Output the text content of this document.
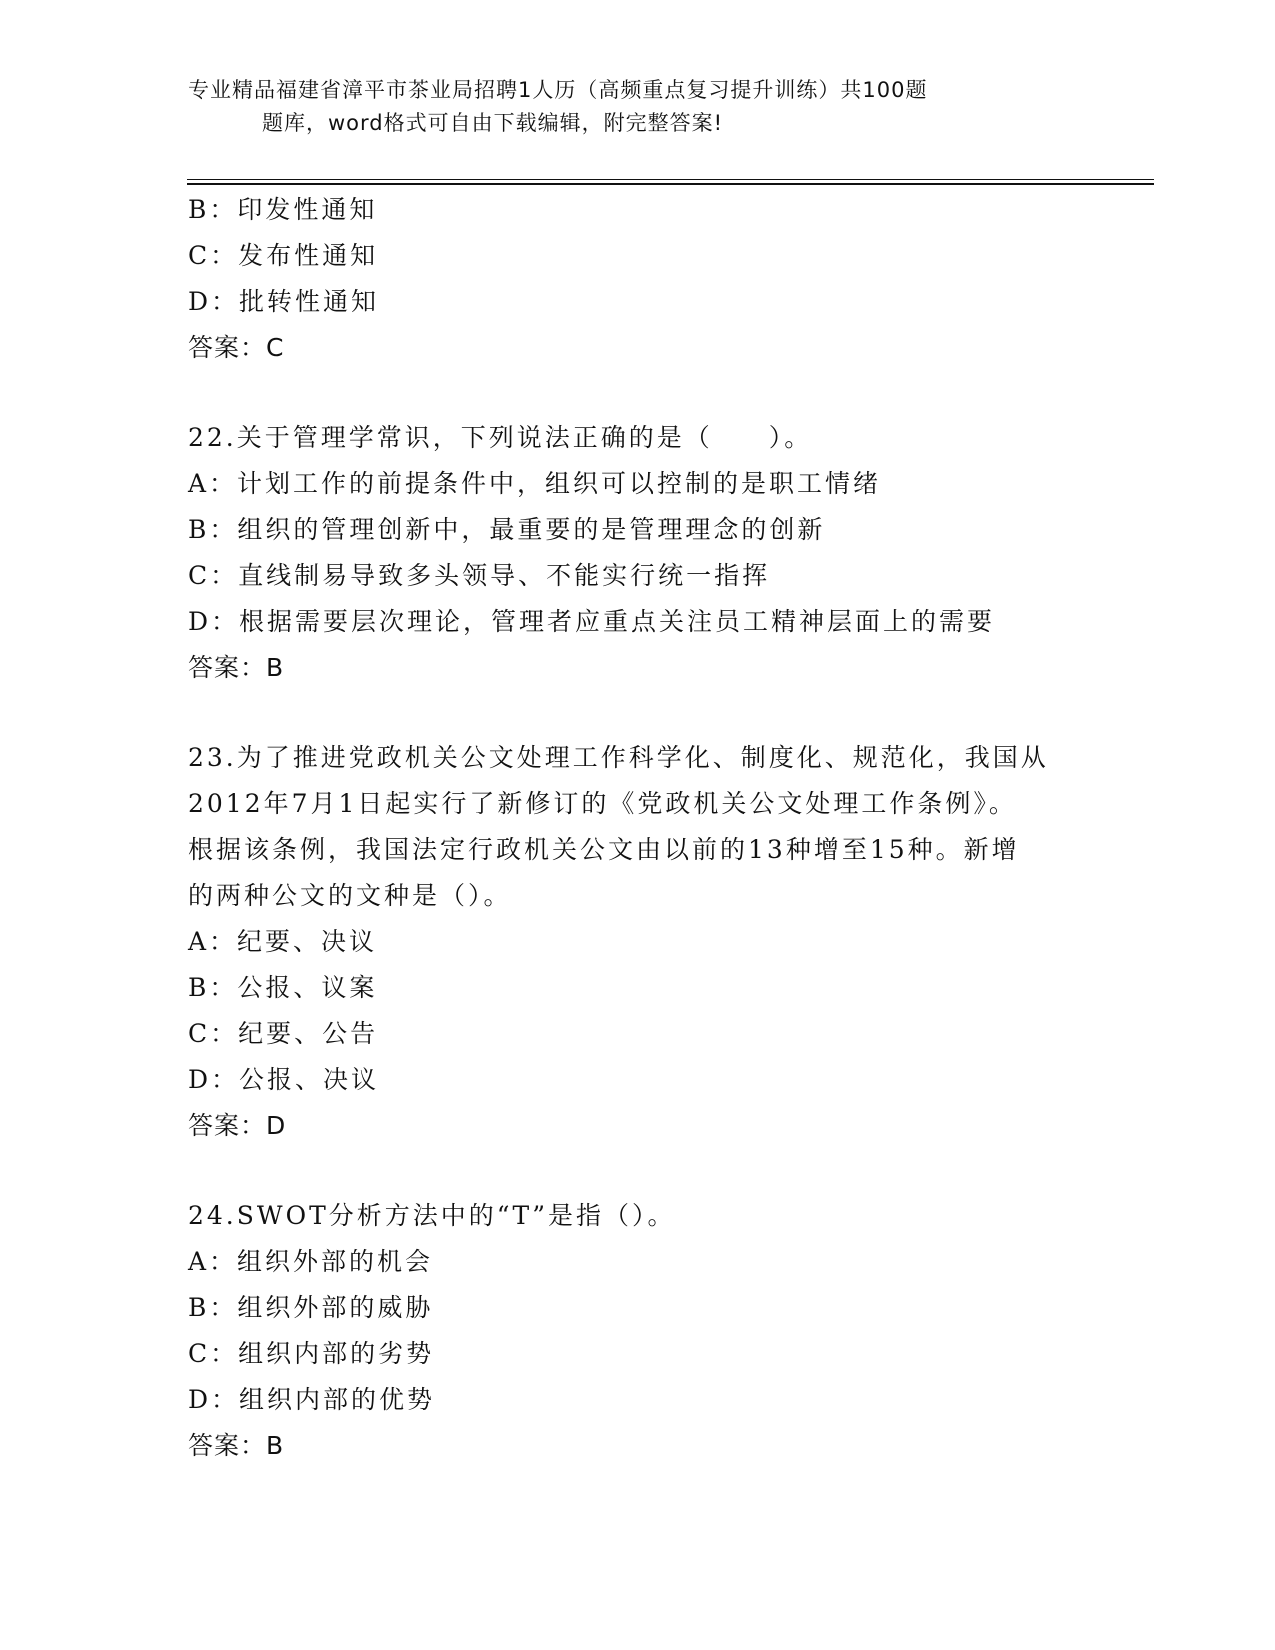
专业精品福建省漳平市茶业局招聘1人历（高频重点复习提升训练）共100题
题库，word格式可自由下载编辑，附完整答案!
B：印发性通知
C：发布性通知
D：批转性通知
答案：C
22.关于管理学常识，下列说法正确的是（　　）。
A：计划工作的前提条件中，组织可以控制的是职工情绪
B：组织的管理创新中，最重要的是管理理念的创新
C：直线制易导致多头领导、不能实行统一指挥
D：根据需要层次理论，管理者应重点关注员工精神层面上的需要
答案：B
23.为了推进党政机关公文处理工作科学化、制度化、规范化，我国从
2012年7月1日起实行了新修订的《党政机关公文处理工作条例》。
根据该条例，我国法定行政机关公文由以前的13种增至15种。新增
的两种公文的文种是（）。
A：纪要、决议
B：公报、议案
C：纪要、公告
D：公报、决议
答案：D
24.SWOT分析方法中的“T”是指（）。
A：组织外部的机会
B：组织外部的威胁
C：组织内部的劣势
D：组织内部的优势
答案：B
